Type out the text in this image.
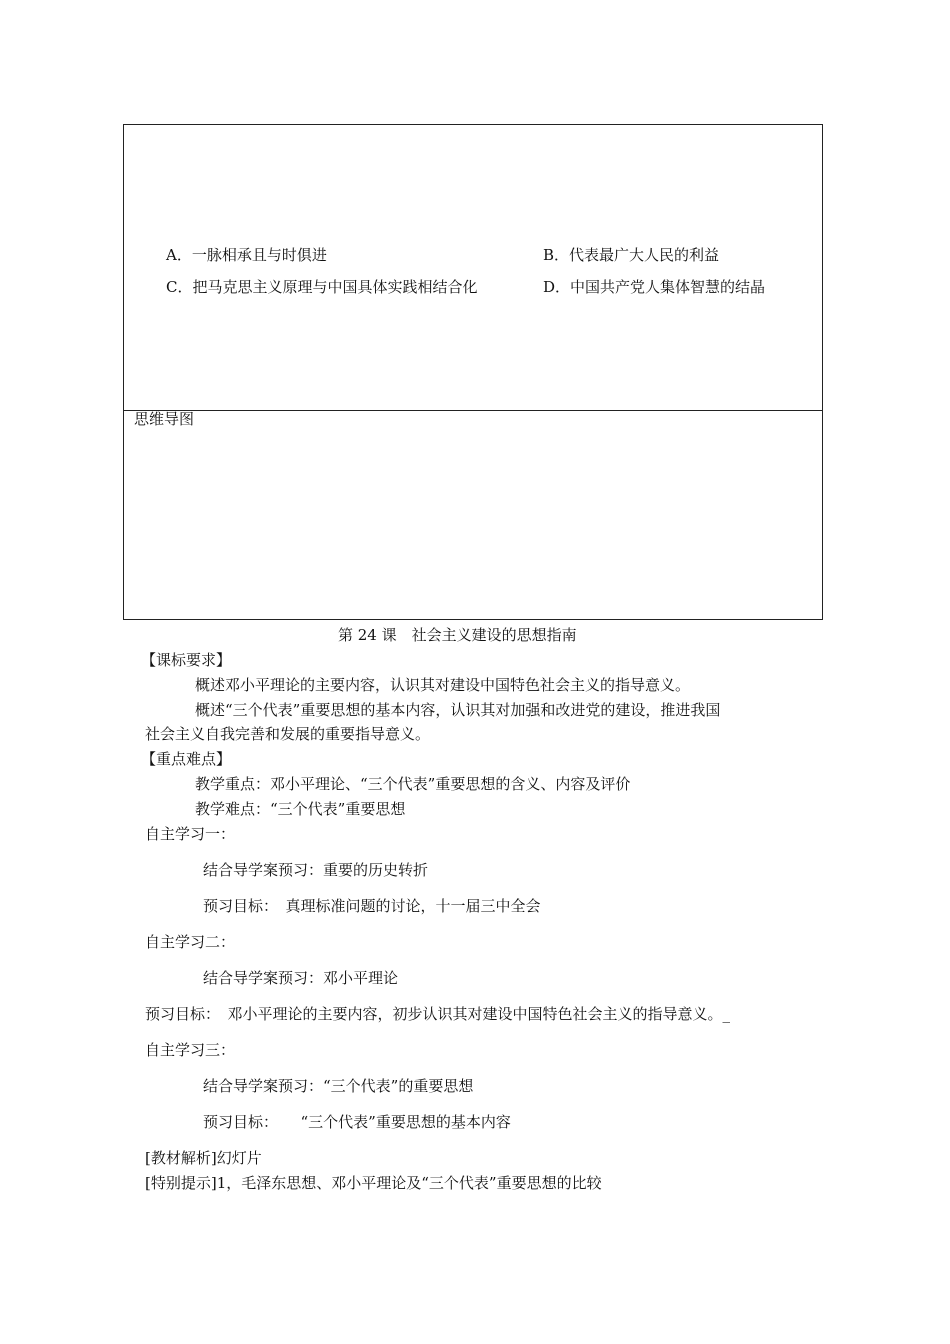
A．一脉相承且与时俱进	B．代表最广大人民的利益
C．把马克思主义原理与中国具体实践相结合化	D．中国共产党人集体智慧的结晶
思维导图
第 24 课　社会主义建设的思想指南
【课标要求】
概述邓小平理论的主要内容，认识其对建设中国特色社会主义的指导意义。
概述“三个代表”重要思想的基本内容，认识其对加强和改进党的建设，推进我国
社会主义自我完善和发展的重要指导意义。
【重点难点】
教学重点：邓小平理论、“三个代表”重要思想的含义、内容及评价
教学难点：“三个代表”重要思想
自主学习一：
结合导学案预习：重要的历史转折
预习目标：　真理标准问题的讨论，十一届三中全会
自主学习二：
结合导学案预习：邓小平理论
预习目标：　邓小平理论的主要内容，初步认识其对建设中国特色社会主义的指导意义。_
自主学习三：
结合导学案预习：“三个代表”的重要思想
预习目标：　　“三个代表”重要思想的基本内容
[教材解析]幻灯片
[特别提示]1，毛泽东思想、邓小平理论及“三个代表”重要思想的比较
